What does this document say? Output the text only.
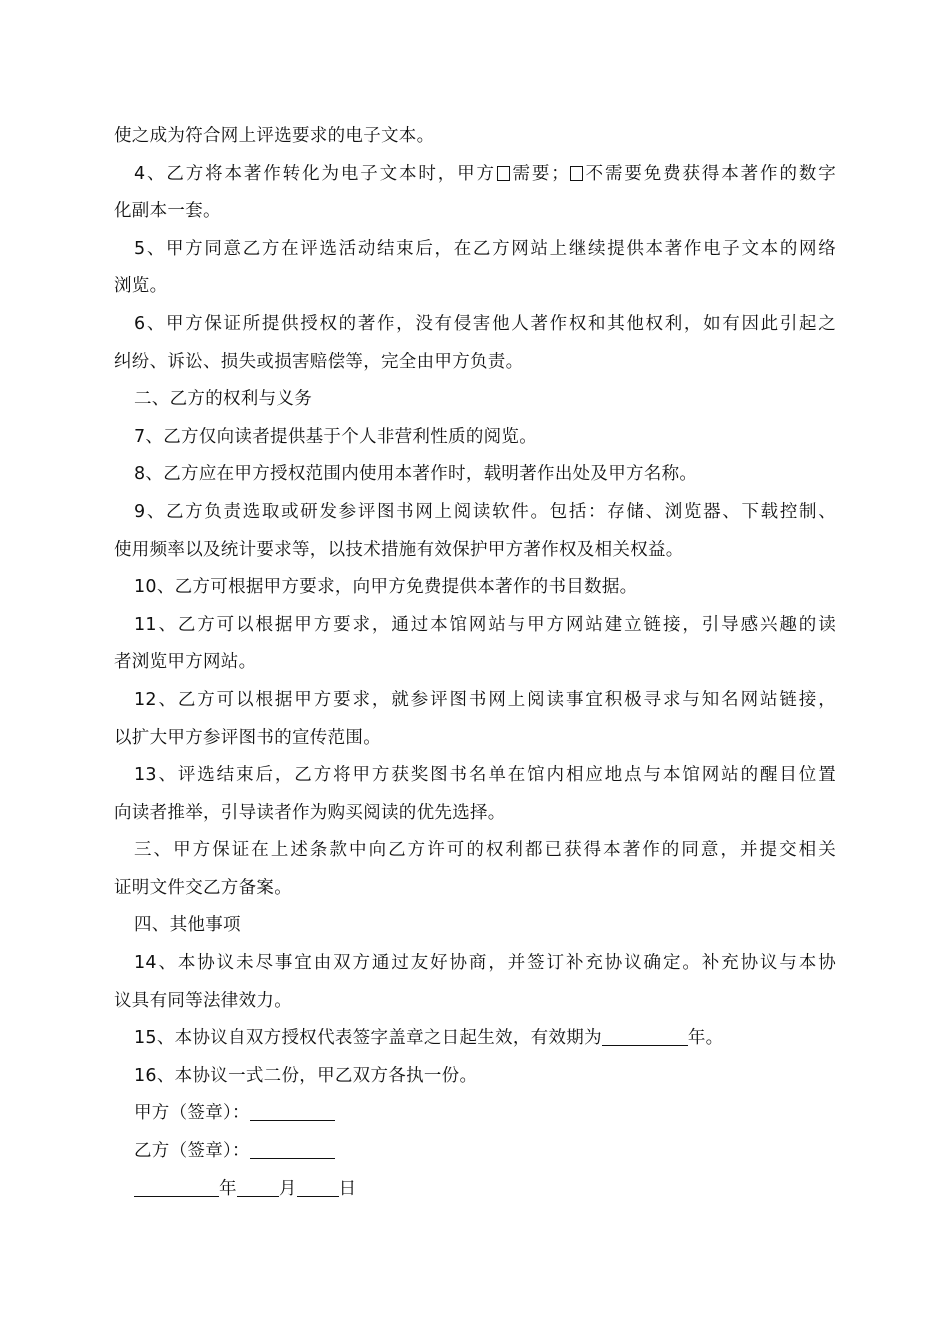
使之成为符合网上评选要求的电子文本。
4、乙方将本著作转化为电子文本时，甲方 需要； 不需要免费获得本著作的数字
化副本一套。
5、甲方同意乙方在评选活动结束后，在乙方网站上继续提供本著作电子文本的网络
浏览。
6、甲方保证所提供授权的著作，没有侵害他人著作权和其他权利，如有因此引起之
纠纷、诉讼、损失或损害赔偿等，完全由甲方负责。
二、乙方的权利与义务
7、乙方仅向读者提供基于个人非营利性质的阅览。
8、乙方应在甲方授权范围内使用本著作时，载明著作出处及甲方名称。
9、乙方负责选取或研发参评图书网上阅读软件。包括：存储、浏览器、下载控制、
使用频率以及统计要求等，以技术措施有效保护甲方著作权及相关权益。
10、乙方可根据甲方要求，向甲方免费提供本著作的书目数据。
11、乙方可以根据甲方要求，通过本馆网站与甲方网站建立链接，引导感兴趣的读
者浏览甲方网站。
12、乙方可以根据甲方要求，就参评图书网上阅读事宜积极寻求与知名网站链接，
以扩大甲方参评图书的宣传范围。
13、评选结束后，乙方将甲方获奖图书名单在馆内相应地点与本馆网站的醒目位置
向读者推举，引导读者作为购买阅读的优先选择。
三、甲方保证在上述条款中向乙方许可的权利都已获得本著作的同意，并提交相关
证明文件交乙方备案。
四、其他事项
14、本协议未尽事宜由双方通过友好协商，并签订补充协议确定。补充协议与本协
议具有同等法律效力。
15、本协议自双方授权代表签字盖章之日起生效，有效期为	年。
16、本协议一式二份，甲乙双方各执一份。
甲方（签章）：
乙方（签章）：
年 月 日
